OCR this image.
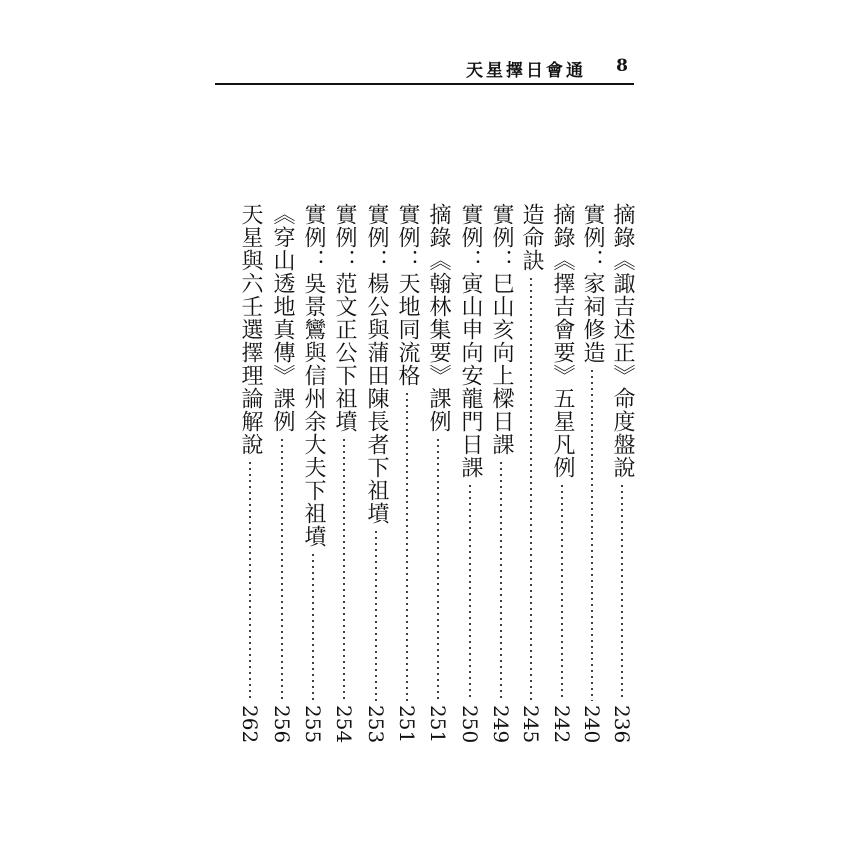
天星擇日會通 8
摘錄《諏吉述正》命度盤說
236
實例：家祠修造
240
摘錄《擇吉會要》五星凡例
242
造命訣
245
實例：巳山亥向上樑日課
249
實例：寅山申向安龍門日課
250
摘錄《翰林集要》課例
251
實例：天地同流格
251
實例：楊公與蒲田陳長者下祖墳
253
實例：范文正公下祖墳
254
實例：吳景鸞與信州余大夫下祖墳
255
《穿山透地真傳》課例
256
天星與六壬選擇理論解說
262
